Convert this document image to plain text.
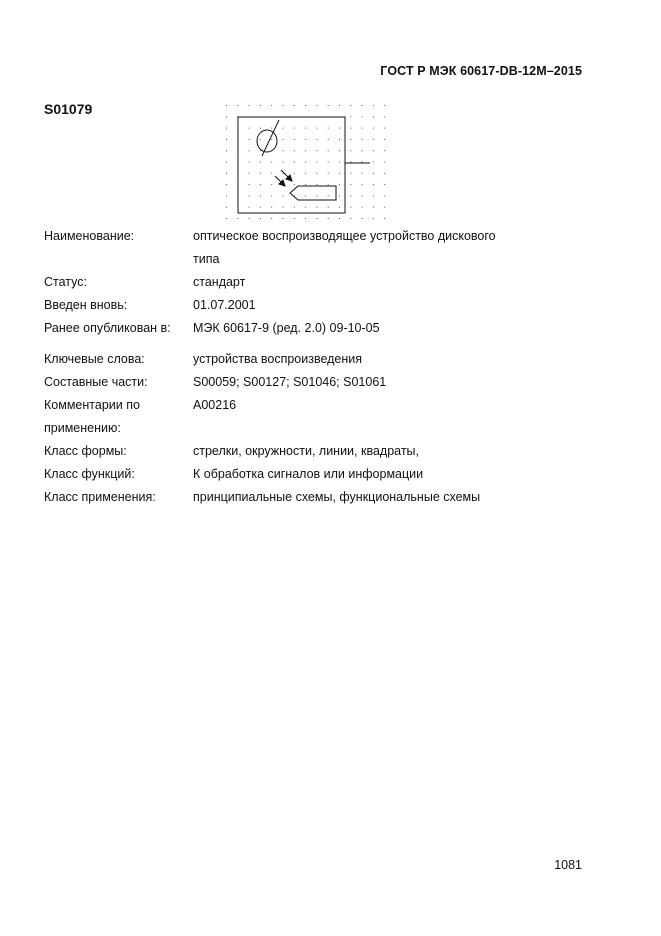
ГОСТ Р МЭК 60617-DB-12M–2015
S01079
Наименование:	оптическое воспроизводящее устройство дискового
типа
Статус:	стандарт
Введен вновь:	01.07.2001
Ранее опубликован в:	МЭК 60617-9 (ред. 2.0) 09-10-05
Ключевые слова:	устройства воспроизведения
Составные части:	S00059; S00127; S01046; S01061
Комментарии по	A00216
применению:
Класс формы:	стрелки, окружности, линии, квадраты,
Класс функций:	К обработка сигналов или информации
Класс применения:	принципиальные схемы, функциональные схемы
1081
